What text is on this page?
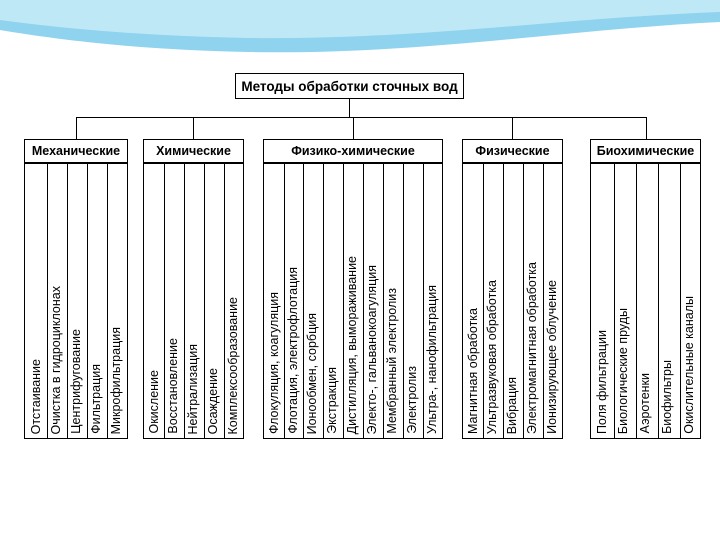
Методы обработки сточных вод
Механические
Отстаивание Очистка в гидроциклонах Центрифугование Фильтрация Микрофильтрация
Химические
Окисление Восстановление Нейтрализация Осаждение Комплексообразование
Физико-химические
Флокуляция, коагуляция Флотация, электрофлотация Ионообмен, сорбция Экстракция Дистилляция, вымораживание Электо-, гальванокоагуляция Мембранный электролиз Электролиз Ультра-, нанофильтрация
Физические
Магнитная обработка Ультразвуковая обработка Вибрация Электромагнитная обработка Ионизирующее облучение
Биохимические
Поля фильтрации Биологические пруды Аэротенки Биофильтры Окислительные каналы
